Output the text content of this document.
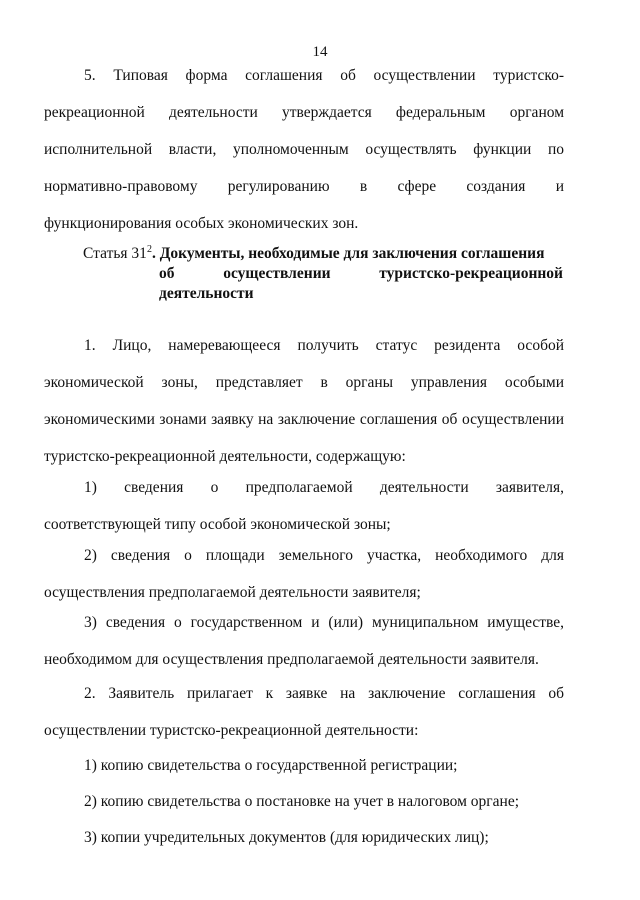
14
5. Типовая форма соглашения об осуществлении туристско-
рекреационной деятельности утверждается федеральным органом
исполнительной власти, уполномоченным осуществлять функции по
нормативно-правовому регулированию в сфере создания и
функционирования особых экономических зон.
Статья $31^2$. Документы, необходимые для заключения соглашения
об осуществлении туристско-рекреационной
деятельности
1. Лицо, намеревающееся получить статус резидента особой
экономической зоны, представляет в органы управления особыми
экономическими зонами заявку на заключение соглашения об осуществлении
туристско-рекреационной деятельности, содержащую:
1) сведения о предполагаемой деятельности заявителя,
соответствующей типу особой экономической зоны;
2) сведения о площади земельного участка, необходимого для
осуществления предполагаемой деятельности заявителя;
3) сведения о государственном и (или) муниципальном имуществе,
необходимом для осуществления предполагаемой деятельности заявителя.
2. Заявитель прилагает к заявке на заключение соглашения об
осуществлении туристско-рекреационной деятельности:
1) копию свидетельства о государственной регистрации;
2) копию свидетельства о постановке на учет в налоговом органе;
3) копии учредительных документов (для юридических лиц);
